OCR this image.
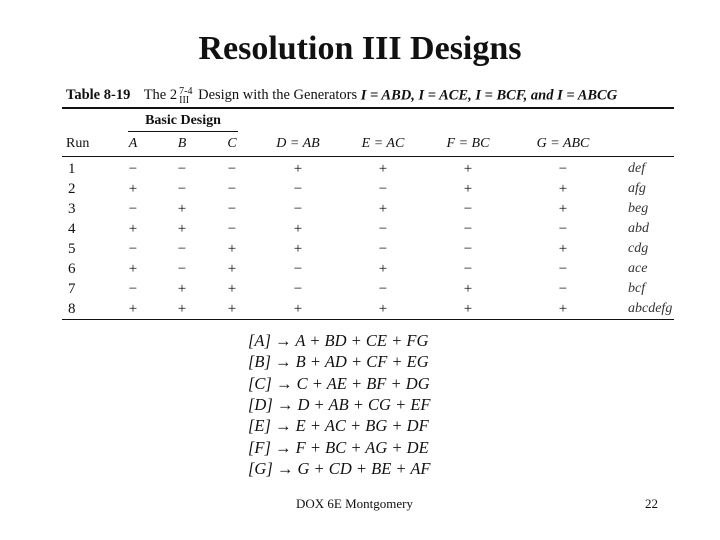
Resolution III Designs
Table 8-19 The 2 7-4
III Design with the Generators I = ABD, I = ACE, I = BCF, and I = ABCG
Basic Design
Run	A	B	C	D = AB	E = AC	F = BC	G = ABC
1	−	−	−	+	+	+	−	def
2	+	−	−	−	−	+	+	afg
3	−	+	−	−	+	−	+	beg
4	+	+	−	+	−	−	−	abd
5	−	−	+	+	−	−	+	cdg
6	+	−	+	−	+	−	−	ace
7	−	+	+	−	−	+	−	bcf
8	+	+	+	+	+	+	+	abcdefg
[A] → A + BD + CE + FG
[B] → B + AD + CF + EG
[C] → C + AE + BF + DG
[D] → D + AB + CG + EF
[E] → E + AC + BG + DF
[F] → F + BC + AG + DE
[G] → G + CD + BE + AF
DOX 6E Montgomery	22
